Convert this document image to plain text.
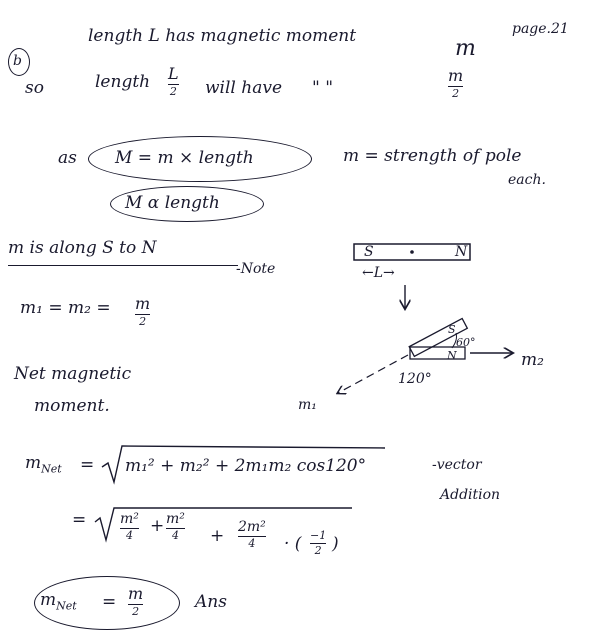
page.21
b
length L has magnetic moment	m
so	length L
2 will have " "
m
2
as M = m × length	m = strength of pole
each.
M α length
m is along S to N
-Note
m₁ = m₂ = m
2
Net magnetic
moment.
S	N
←L→
S
N
60°
120°
m₂
m₁
$m_{Net} = m_1^2 + m_2^2 + 2m_1m_2$ cos120°	-vector
Addition
= m²
4 + m²
4 + 2m²
4 · ( −1
2 )
$m_{Net} = m$
2	Ans
